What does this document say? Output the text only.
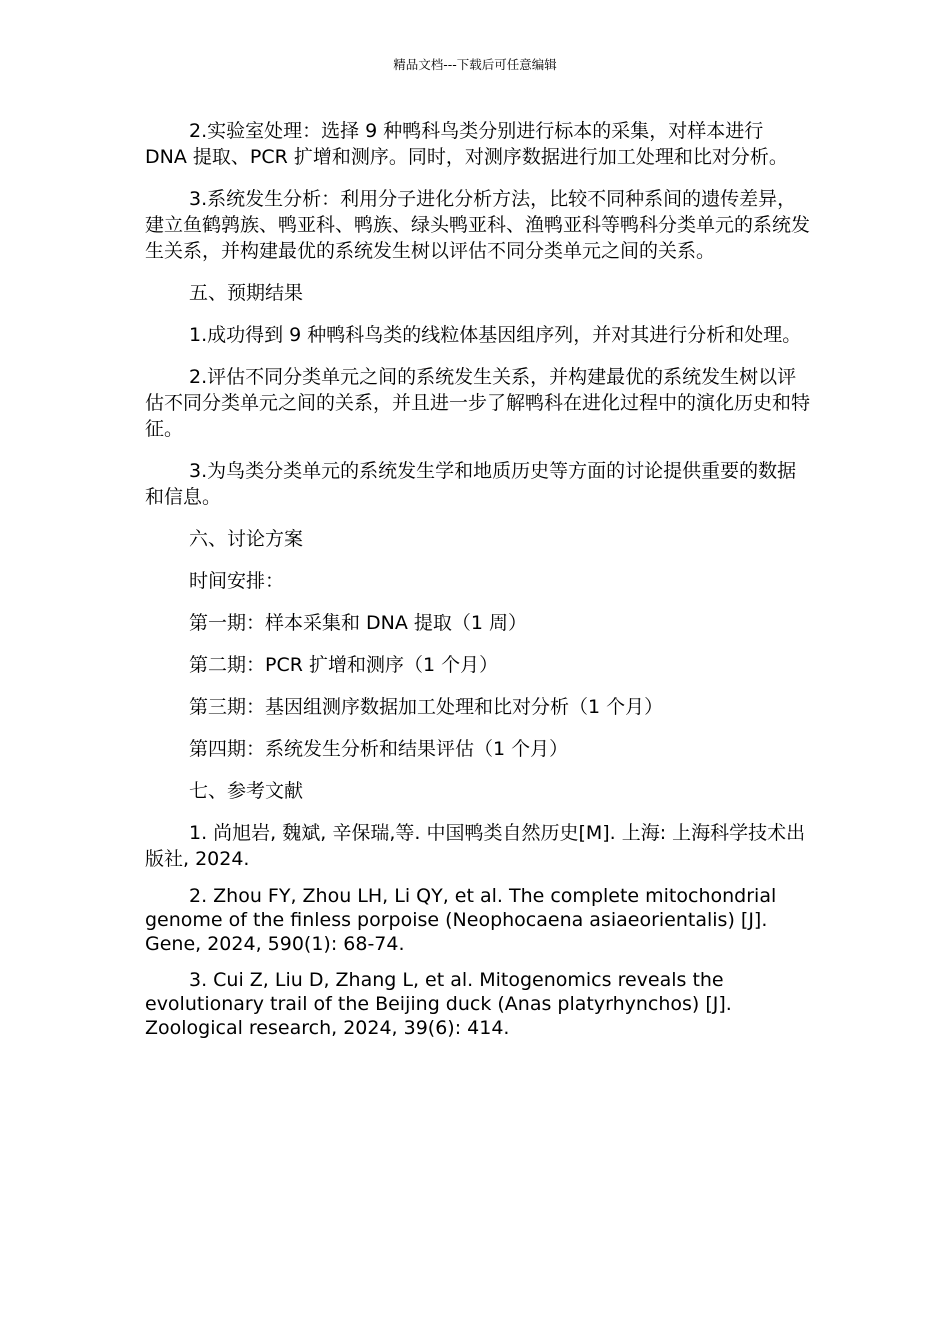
精品文档---下载后可任意编辑

2.实验室处理：选择 9 种鸭科鸟类分别进行标本的采集，对样本进行 DNA 提取、PCR 扩增和测序。同时，对测序数据进行加工处理和比对分析。

3.系统发生分析：利用分子进化分析方法，比较不同种系间的遗传差异，建立鱼鹤鹑族、鸭亚科、鸭族、绿头鸭亚科、渔鸭亚科等鸭科分类单元的系统发生关系，并构建最优的系统发生树以评估不同分类单元之间的关系。

五、预期结果

1.成功得到 9 种鸭科鸟类的线粒体基因组序列，并对其进行分析和处理。

2.评估不同分类单元之间的系统发生关系，并构建最优的系统发生树以评估不同分类单元之间的关系，并且进一步了解鸭科在进化过程中的演化历史和特征。

3.为鸟类分类单元的系统发生学和地质历史等方面的讨论提供重要的数据和信息。

六、讨论方案

时间安排：

第一期：样本采集和 DNA 提取（1 周）

第二期：PCR 扩增和测序（1 个月）

第三期：基因组测序数据加工处理和比对分析（1 个月）

第四期：系统发生分析和结果评估（1 个月）

七、参考文献

1. 尚旭岩, 魏斌, 辛保瑞,等. 中国鸭类自然历史[M]. 上海: 上海科学技术出版社, 2024.

2. Zhou FY, Zhou LH, Li QY, et al. The complete mitochondrial genome of the finless porpoise (Neophocaena asiaeorientalis) [J]. Gene, 2024, 590(1): 68-74.

3. Cui Z, Liu D, Zhang L, et al. Mitogenomics reveals the evolutionary trail of the Beijing duck (Anas platyrhynchos) [J]. Zoological research, 2024, 39(6): 414.
